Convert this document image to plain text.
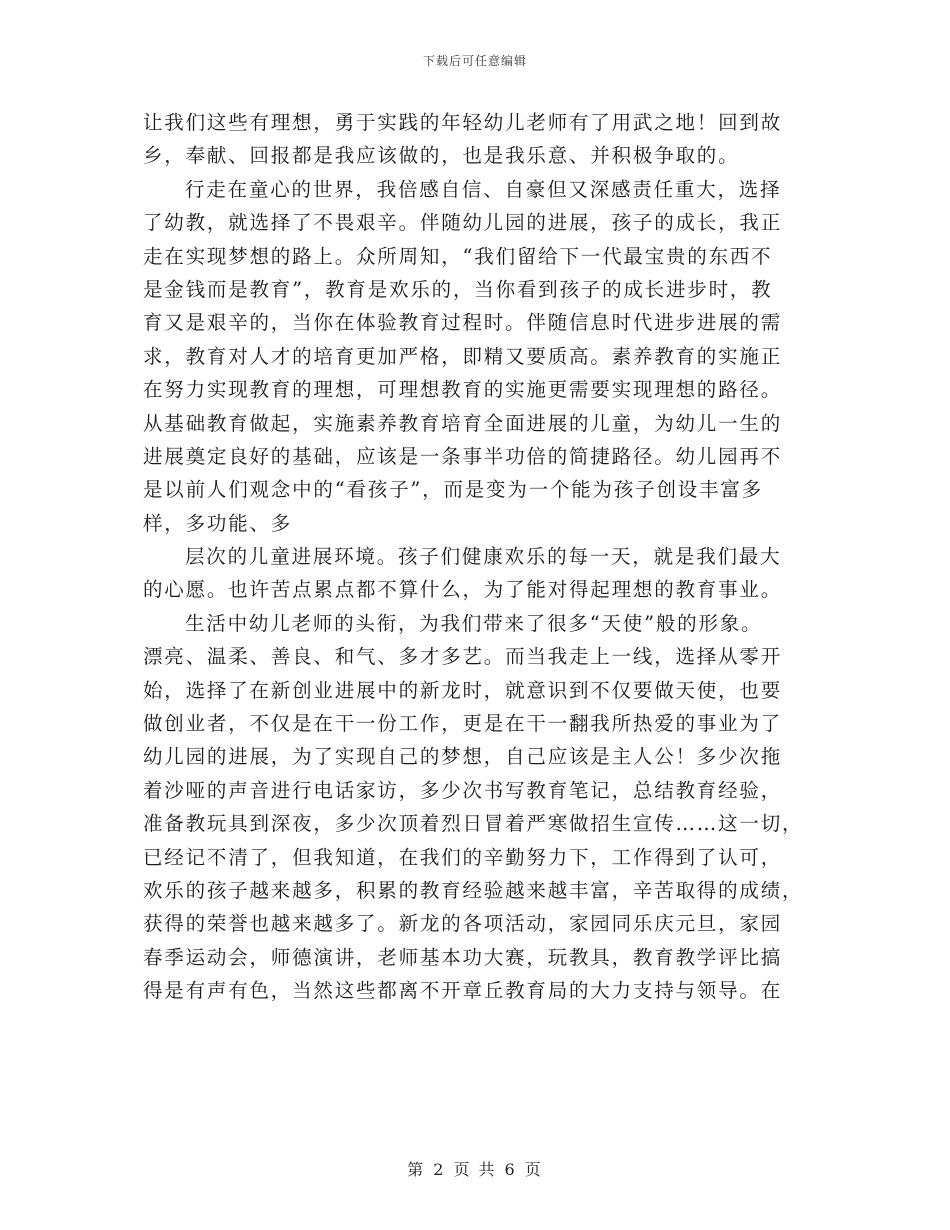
下载后可任意编辑
让我们这些有理想，勇于实践的年轻幼儿老师有了用武之地！回到故
乡，奉献、回报都是我应该做的，也是我乐意、并积极争取的。
行走在童心的世界，我倍感自信、自豪但又深感责任重大，选择
了幼教，就选择了不畏艰辛。伴随幼儿园的进展，孩子的成长，我正
走在实现梦想的路上。众所周知，“我们留给下一代最宝贵的东西不
是金钱而是教育”，教育是欢乐的，当你看到孩子的成长进步时，教
育又是艰辛的，当你在体验教育过程时。伴随信息时代进步进展的需
求，教育对人才的培育更加严格，即精又要质高。素养教育的实施正
在努力实现教育的理想，可理想教育的实施更需要实现理想的路径。
从基础教育做起，实施素养教育培育全面进展的儿童，为幼儿一生的
进展奠定良好的基础，应该是一条事半功倍的简捷路径。幼儿园再不
是以前人们观念中的“看孩子”，而是变为一个能为孩子创设丰富多
样，多功能、多
层次的儿童进展环境。孩子们健康欢乐的每一天，就是我们最大
的心愿。也许苦点累点都不算什么，为了能对得起理想的教育事业。
生活中幼儿老师的头衔，为我们带来了很多“天使”般的形象。
漂亮、温柔、善良、和气、多才多艺。而当我走上一线，选择从零开
始，选择了在新创业进展中的新龙时，就意识到不仅要做天使，也要
做创业者，不仅是在干一份工作，更是在干一翻我所热爱的事业为了
幼儿园的进展，为了实现自己的梦想，自己应该是主人公！多少次拖
着沙哑的声音进行电话家访，多少次书写教育笔记，总结教育经验，
准备教玩具到深夜，多少次顶着烈日冒着严寒做招生宣传……这一切，
已经记不清了，但我知道，在我们的辛勤努力下，工作得到了认可，
欢乐的孩子越来越多，积累的教育经验越来越丰富，辛苦取得的成绩，
获得的荣誉也越来越多了。新龙的各项活动，家园同乐庆元旦，家园
春季运动会，师德演讲，老师基本功大赛，玩教具，教育教学评比搞
得是有声有色，当然这些都离不开章丘教育局的大力支持与领导。在
第 2 页 共 6 页
